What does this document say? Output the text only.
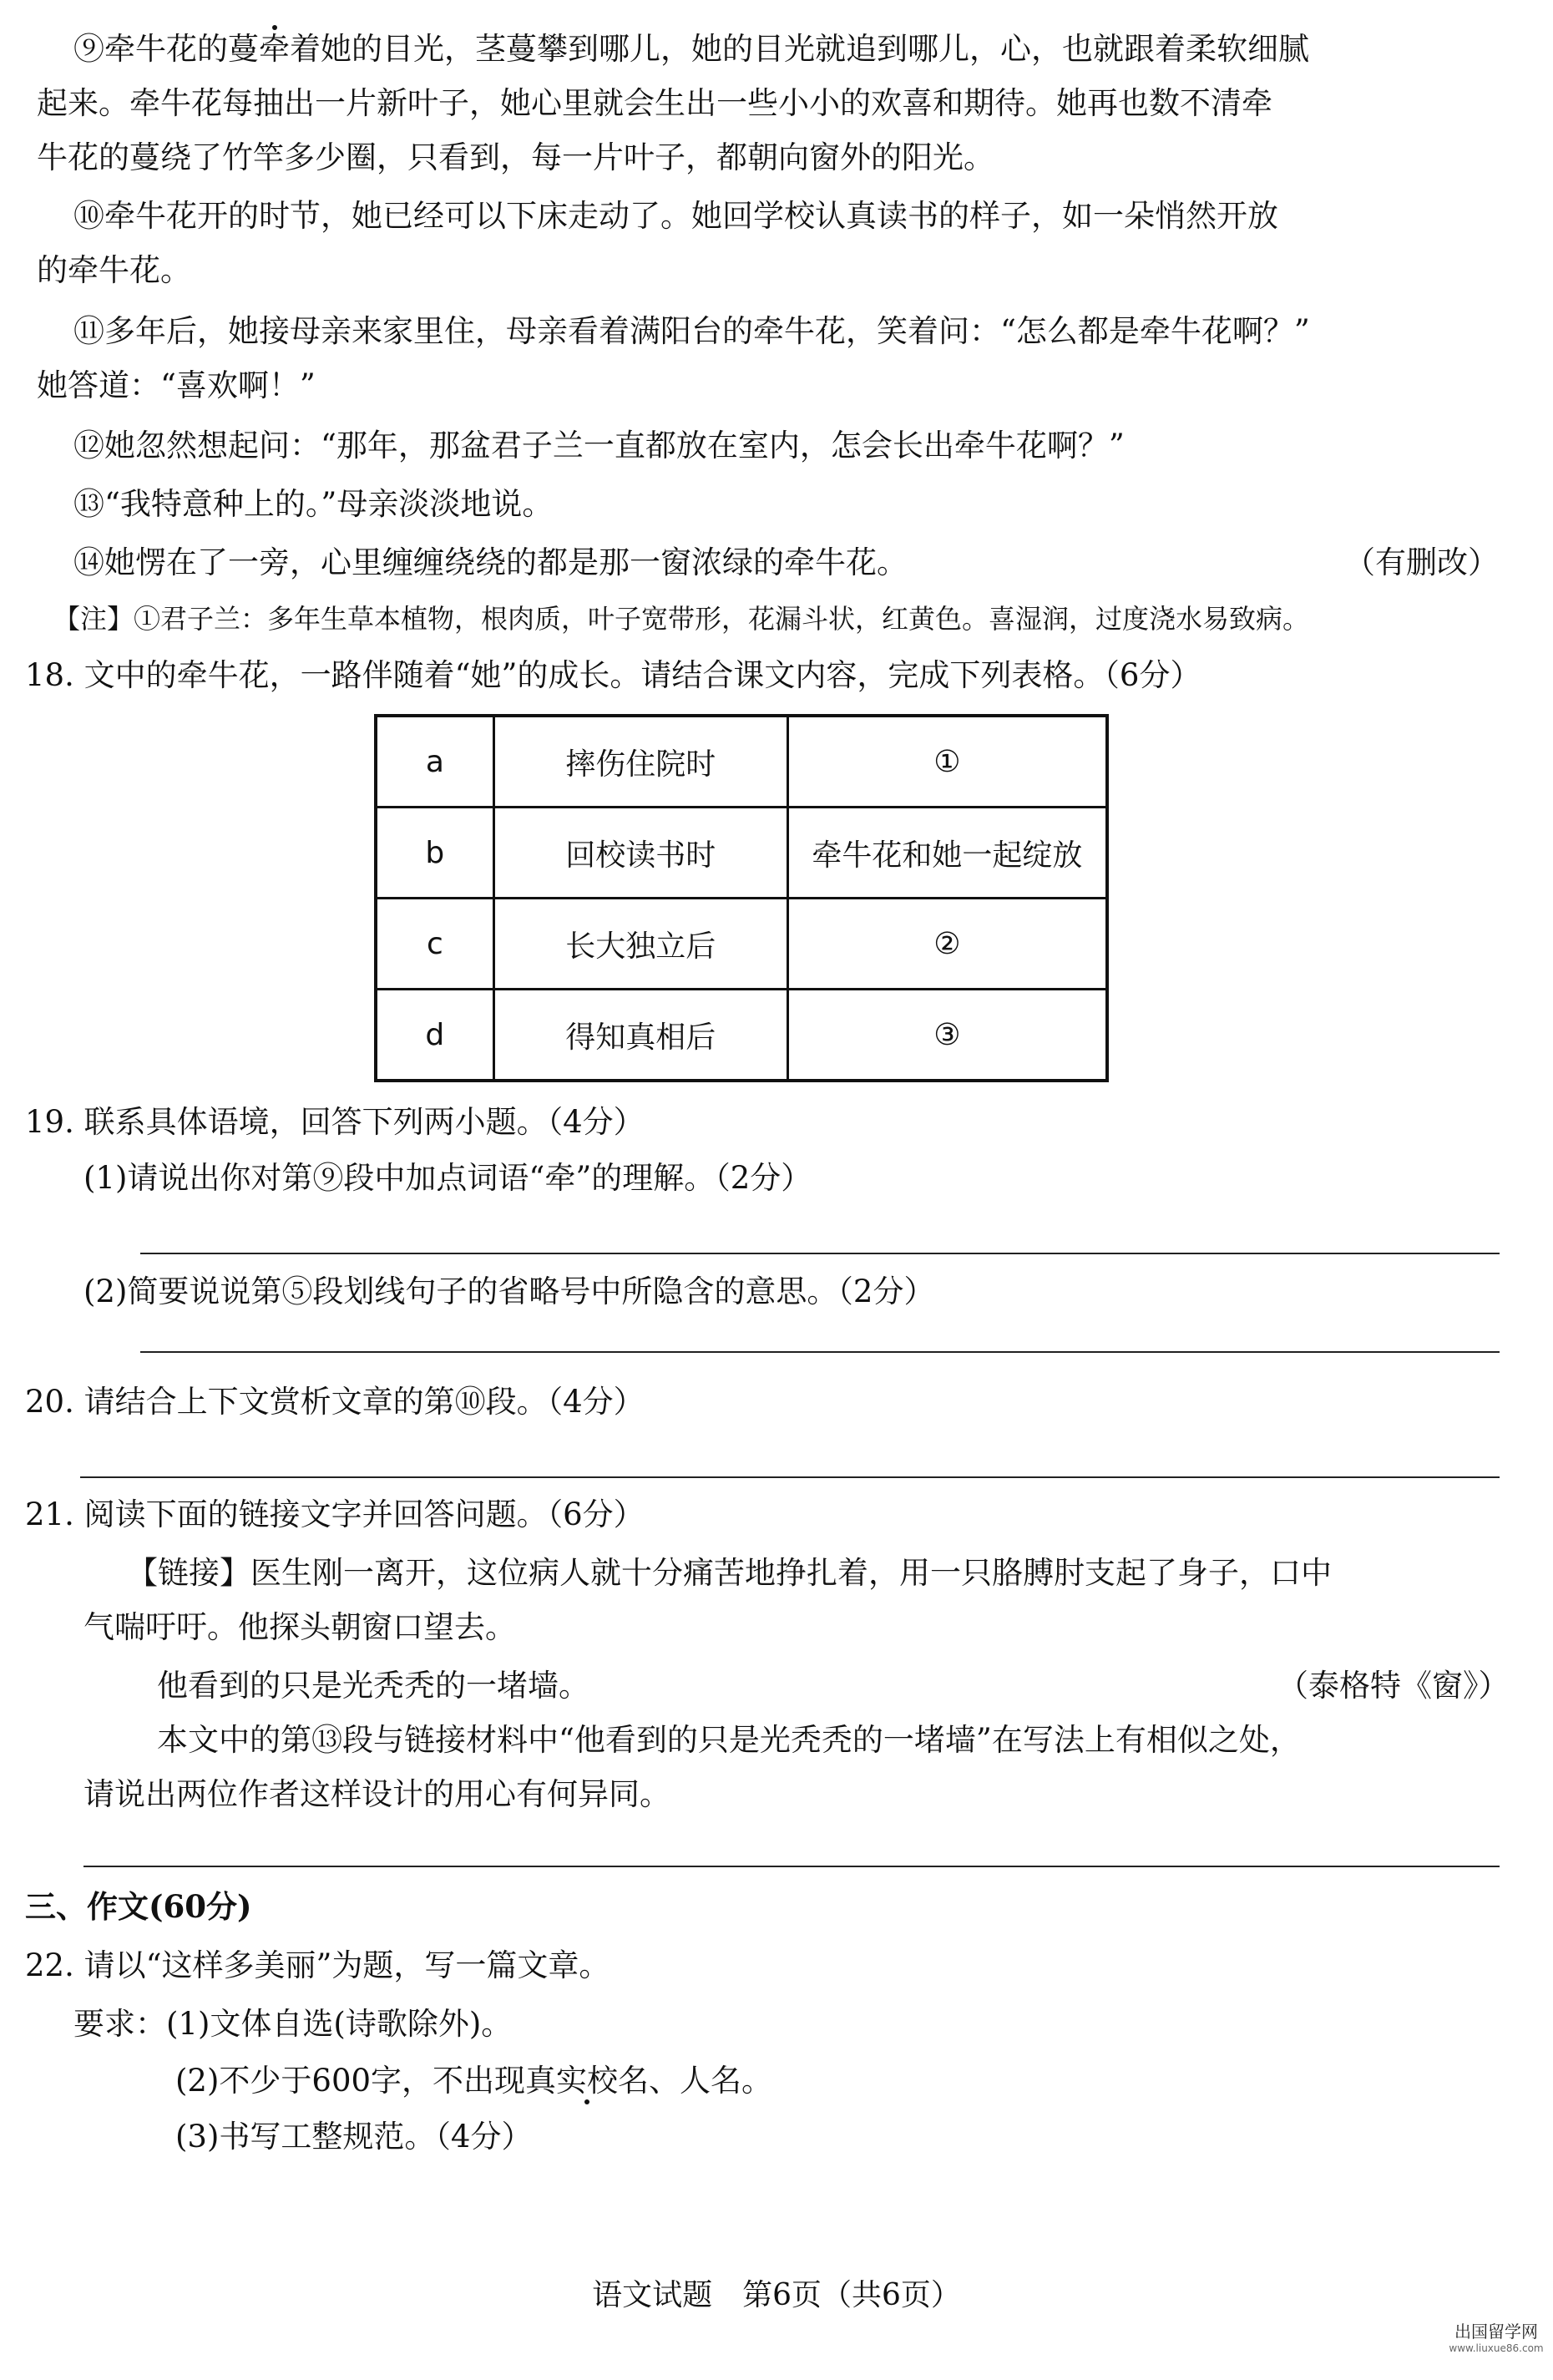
⑨牵牛花的蔓牵着她的目光，茎蔓攀到哪儿，她的目光就追到哪儿，心，也就跟着柔软细腻
起来。牵牛花每抽出一片新叶子，她心里就会生出一些小小的欢喜和期待。她再也数不清牵
牛花的蔓绕了竹竿多少圈，只看到，每一片叶子，都朝向窗外的阳光。
⑩牵牛花开的时节，她已经可以下床走动了。她回学校认真读书的样子，如一朵悄然开放
的牵牛花。
⑪多年后，她接母亲来家里住，母亲看着满阳台的牵牛花，笑着问：“怎么都是牵牛花啊？”
她答道：“喜欢啊！”
⑫她忽然想起问：“那年，那盆君子兰一直都放在室内，怎会长出牵牛花啊？”
⑬“我特意种上的。”母亲淡淡地说。
⑭她愣在了一旁，心里缠缠绕绕的都是那一窗浓绿的牵牛花。	（有删改）
【注】①君子兰：多年生草本植物，根肉质，叶子宽带形，花漏斗状，红黄色。喜湿润，过度浇水易致病。
18. 文中的牵牛花，一路伴随着“她”的成长。请结合课文内容，完成下列表格。（6分）
a	摔伤住院时	①
b	回校读书时	牵牛花和她一起绽放
c	长大独立后	②
d	得知真相后	③
19. 联系具体语境，回答下列两小题。（4分）
(1)请说出你对第⑨段中加点词语“牵”的理解。（2分）
(2)简要说说第⑤段划线句子的省略号中所隐含的意思。（2分）
20. 请结合上下文赏析文章的第⑩段。（4分）
21. 阅读下面的链接文字并回答问题。（6分）
【链接】医生刚一离开，这位病人就十分痛苦地挣扎着，用一只胳膊肘支起了身子，口中
气喘吁吁。他探头朝窗口望去。
他看到的只是光秃秃的一堵墙。	（泰格特《窗》）
本文中的第⑬段与链接材料中“他看到的只是光秃秃的一堵墙”在写法上有相似之处，
请说出两位作者这样设计的用心有何异同。
三、作文(60分)
22. 请以“这样多美丽”为题，写一篇文章。
要求：(1)文体自选(诗歌除外)。
(2)不少于600字，不出现真实校名、人名。
(3)书写工整规范。（4分）
语文试题　第6页（共6页）
出国留学网
www.liuxue86.com
